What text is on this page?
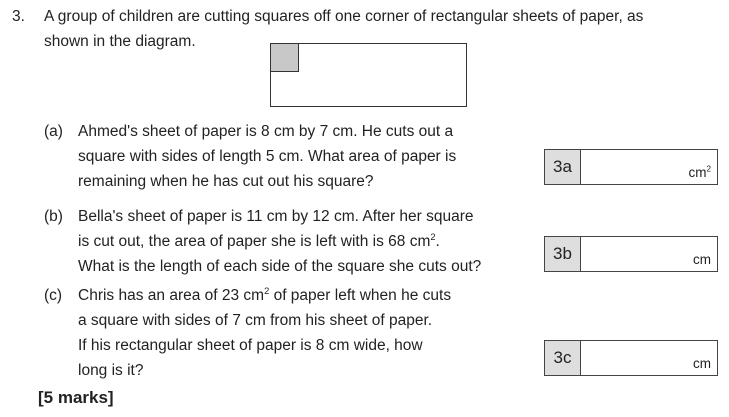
3. A group of children are cutting squares off one corner of rectangular sheets of paper, as
shown in the diagram.
(a) Ahmed's sheet of paper is 8 cm by 7 cm. He cuts out a
square with sides of length 5 cm. What area of paper is
remaining when he has cut out his square?
3a	$cm^2$
(b) Bella's sheet of paper is 11 cm by 12 cm. After her square
is cut out, the area of paper she is left with is 68 $cm^2$.
What is the length of each side of the square she cuts out?
3b	cm
(c) Chris has an area of 23 $cm^2$ of paper left when he cuts
a square with sides of 7 cm from his sheet of paper.
If his rectangular sheet of paper is 8 cm wide, how
long is it?
3c	cm
[5 marks]
